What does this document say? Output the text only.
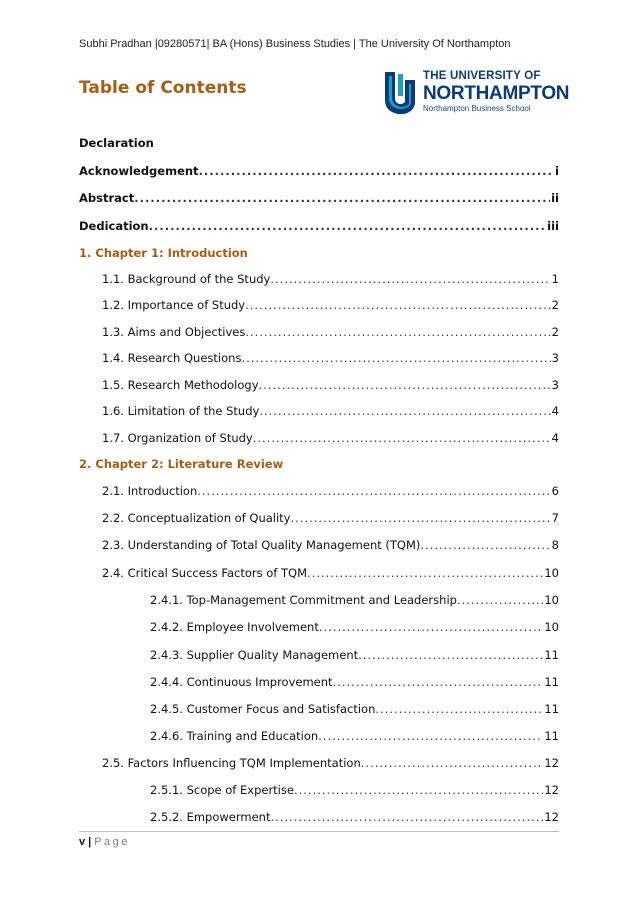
Subhi Pradhan |09280571| BA (Hons) Business Studies | The University Of Northampton
Table of Contents
THE UNIVERSITY OF
NORTHAMPTON
Northampton Business School
Declaration
Acknowledgement .....	i
Abstract .....	ii
Dedication .....	iii
1. Chapter 1: Introduction
1.1. Background of the Study .....	1
1.2. Importance of Study .....	2
1.3. Aims and Objectives .....	2
1.4. Research Questions .....	3
1.5. Research Methodology .....	3
1.6. Limitation of the Study .....	4
1.7. Organization of Study .....	4
2. Chapter 2: Literature Review
2.1. Introduction .....	6
2.2. Conceptualization of Quality .....	7
2.3. Understanding of Total Quality Management (TQM) .....	8
2.4. Critical Success Factors of TQM .....	10
2.4.1. Top-Management Commitment and Leadership .....	10
2.4.2. Employee Involvement .....	10
2.4.3. Supplier Quality Management .....	11
2.4.4. Continuous Improvement .....	11
2.4.5. Customer Focus and Satisfaction .....	11
2.4.6. Training and Education .....	11
2.5. Factors Influencing TQM Implementation .....	12
2.5.1. Scope of Expertise .....	12
2.5.2. Empowerment .....	12
v | Page
